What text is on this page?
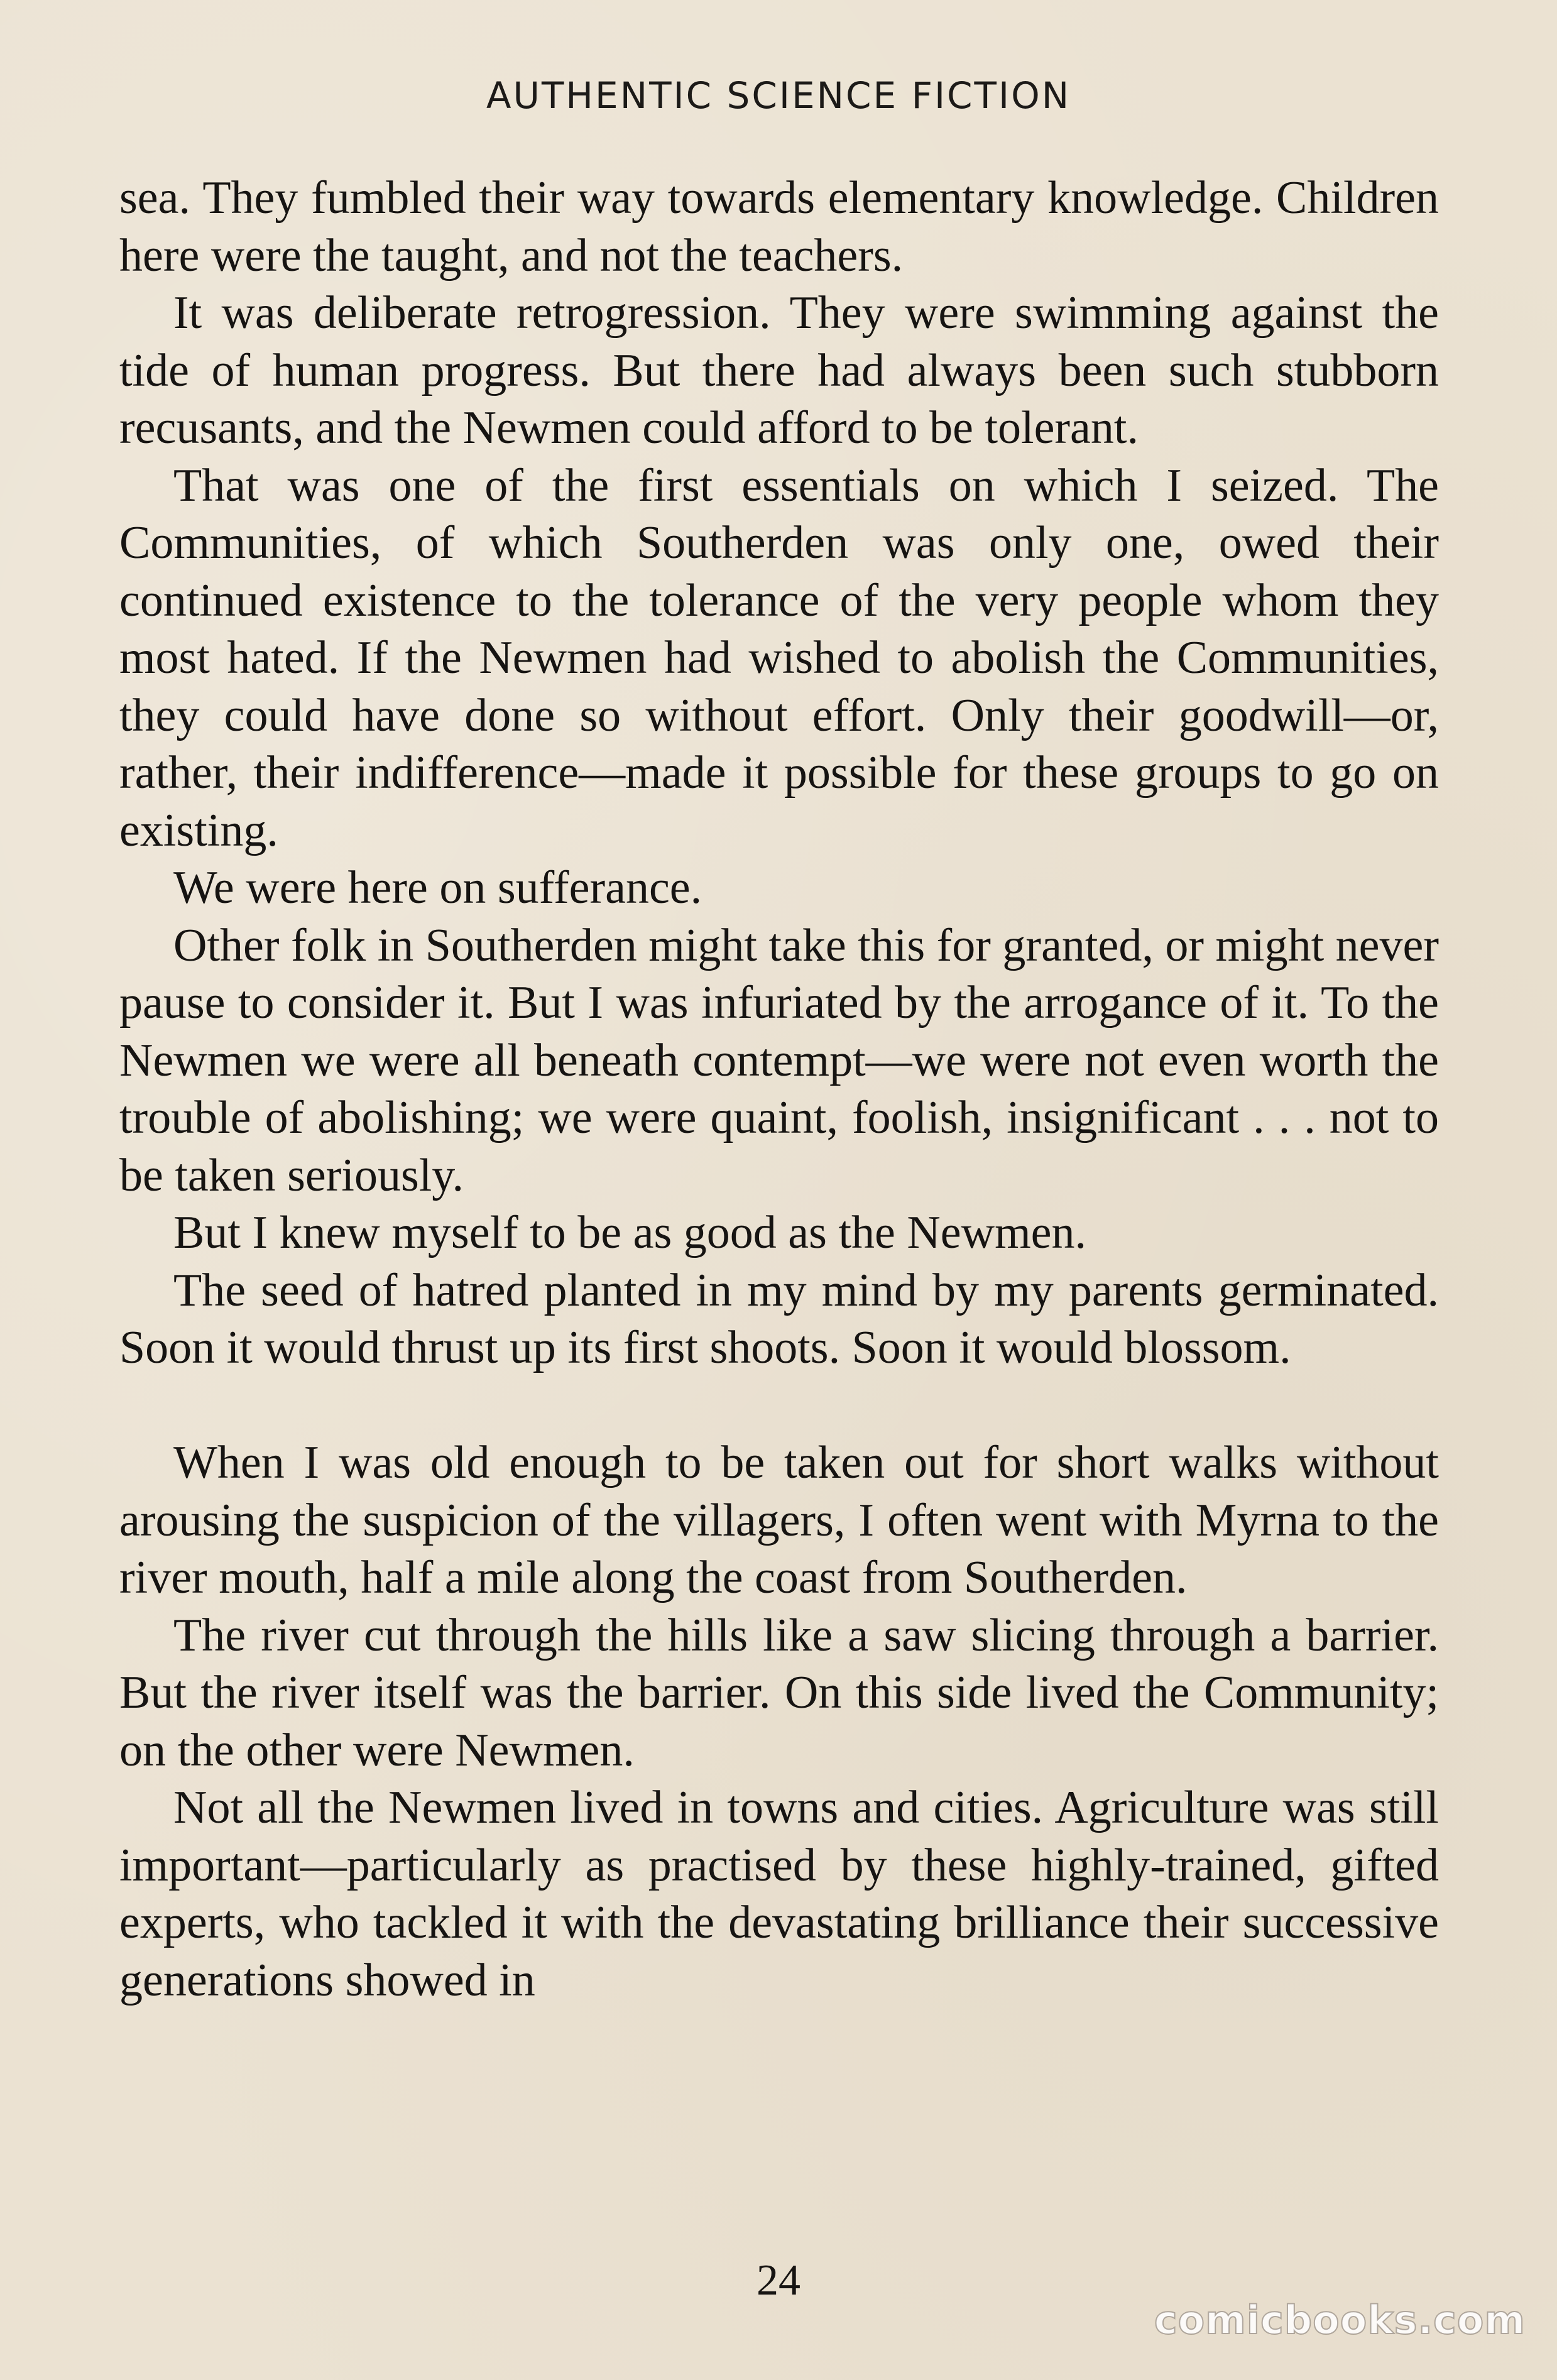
AUTHENTIC SCIENCE FICTION

sea. They fumbled their way towards elementary knowledge. Children here were the taught, and not the teachers.

It was deliberate retrogression. They were swimming against the tide of human progress. But there had always been such stubborn recusants, and the Newmen could afford to be tolerant.

That was one of the first essentials on which I seized. The Communities, of which Southerden was only one, owed their continued existence to the tolerance of the very people whom they most hated. If the Newmen had wished to abolish the Communities, they could have done so without effort. Only their goodwill—or, rather, their indifference—made it possible for these groups to go on existing.

We were here on sufferance.

Other folk in Southerden might take this for granted, or might never pause to consider it. But I was infuriated by the arrogance of it. To the Newmen we were all beneath contempt—we were not even worth the trouble of abolishing; we were quaint, foolish, insignificant . . . not to be taken seriously.

But I knew myself to be as good as the Newmen.

The seed of hatred planted in my mind by my parents germinated. Soon it would thrust up its first shoots. Soon it would blossom.

When I was old enough to be taken out for short walks without arousing the suspicion of the villagers, I often went with Myrna to the river mouth, half a mile along the coast from Southerden.

The river cut through the hills like a saw slicing through a barrier. But the river itself was the barrier. On this side lived the Community; on the other were Newmen.

Not all the Newmen lived in towns and cities. Agriculture was still important—particularly as practised by these highly-trained, gifted experts, who tackled it with the devastating brilliance their successive generations showed in

24
comicbooks.com
